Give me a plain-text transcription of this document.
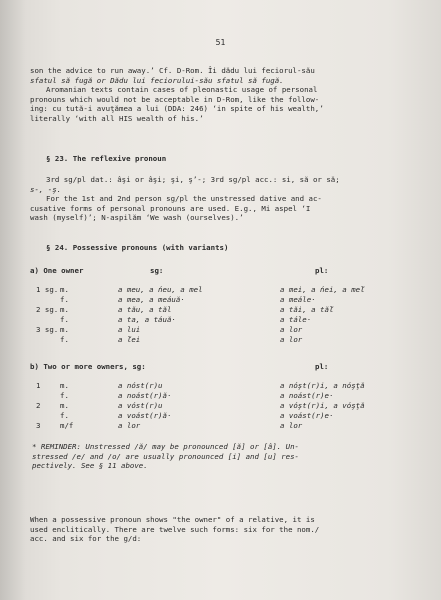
51
son the advice to run away.’ Cf. D-Rom. Îi dădu lui feciorul-său
sfatul să fugă or Dădu lui feciorului-său sfatul să fugă.
Aromanian texts contain cases of pleonastic usage of personal
pronouns which would not be acceptable in D-Rom, like the follow-
ing: cu tută-i avuţămea a lui (DDA: 246) ‘in spite of his wealth,’
literally ‘with all HIS wealth of his.’
§ 23. The reflexive pronoun
3rd sg/pl dat.: âşi or âşi; şi, ş’-; 3rd sg/pl acc.: si, să or să;
s-, -ş.
For the 1st and 2nd person sg/pl the unstressed dative and ac-
cusative forms of personal pronouns are used. E.g., Mi aspel ‘I
wash (myself)’; N-aspilăm ‘We wash (ourselves).’
§ 24. Possessive pronouns (with variants)
a) One owner	sg:	pl:
1 sg. m.	a meu, a ńeu, a mel	a mei, a ńei, a meľ
f.	a mea, a meáuă·	a meále·
2 sg. m.	a tău, a tăl	a tăi, a tăľ
f.	a ta, a táuă·	a tále·
3 sg. m.	a lui	a lor
f.	a ľei	a lor
b) Two or more owners, sg:	pl:
1	m.	a nóst(r)u	a nóşt(r)i, a nóşţă
f.	a noást(r)ă·	a noást(r)e·
2	m.	a vóst(r)u	a vóşt(r)i, a vóşţă
f.	a voást(r)ă·	a voást(r)e·
3	m/f	a lor	a lor
* REMINDER: Unstressed /ă/ may be pronounced [ă] or [â]. Un-
stressed /e/ and /o/ are usually pronounced [i] and [u] res-
pectively. See § 11 above.
When a possessive pronoun shows "the owner" of a relative, it is
used enclitically. There are twelve such forms: six for the nom./
acc. and six for the g/d:
